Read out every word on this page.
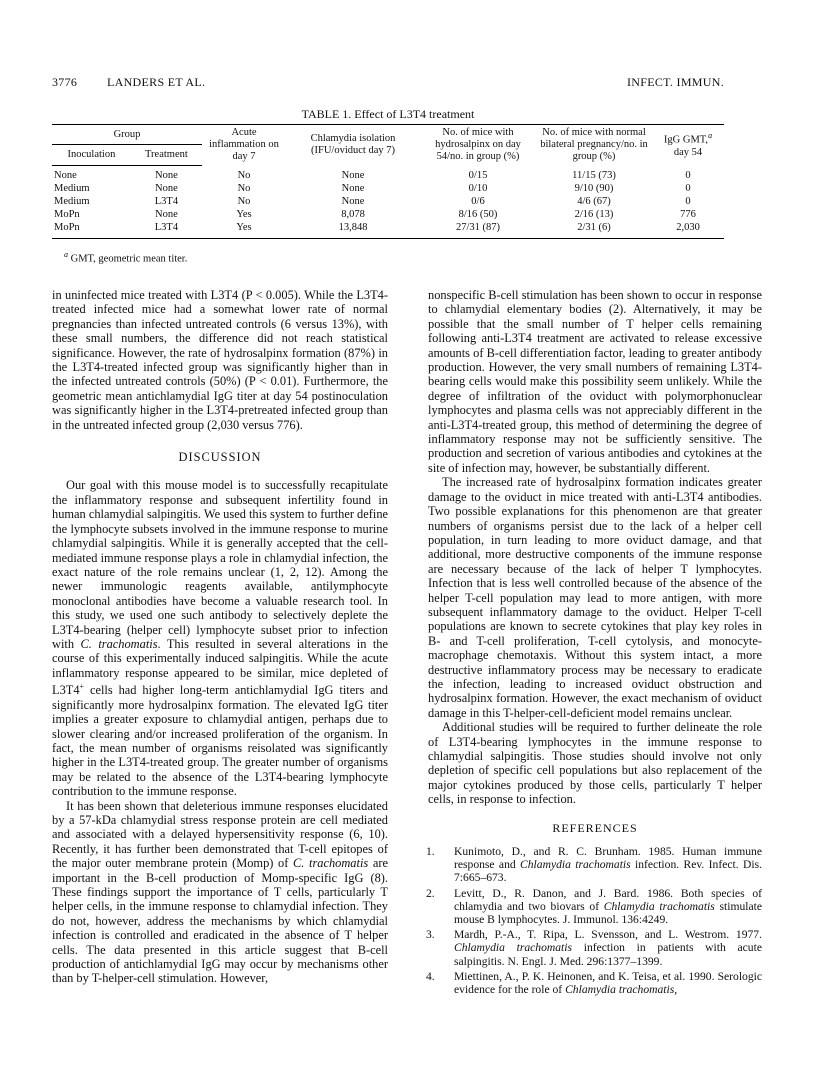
3776 LANDERS ET AL.	INFECT. IMMUN.
TABLE 1. Effect of L3T4 treatment
Group		Acute inflammation on day 7	Chlamydia isolation (IFU/oviduct day 7)	No. of mice with hydrosalpinx on day 54/no. in group (%)	No. of mice with normal bilateral pregnancy/no. in group (%)	IgG GMT,$^a$
day 54
Inoculation	Treatment					
None	None	No	None	0/15	11/15 (73)	0
Medium	None	No	None	0/10	9/10 (90)	0
Medium	L3T4	No	None	0/6	4/6 (67)	0
MoPn	None	Yes	8,078	8/16 (50)	2/16 (13)	776
MoPn	L3T4	Yes	13,848	27/31 (87)	2/31 (6)	2,030
$^a$ GMT, geometric mean titer.

in uninfected mice treated with L3T4 (P < 0.005). While the L3T4-treated infected mice had a somewhat lower rate of normal pregnancies than infected untreated controls (6 versus 13%), with these small numbers, the difference did not reach statistical significance. However, the rate of hydrosalpinx formation (87%) in the L3T4-treated infected group was significantly higher than in the infected untreated controls (50%) (P < 0.01). Furthermore, the geometric mean antichlamydial IgG titer at day 54 postinoculation was significantly higher in the L3T4-pretreated infected group than in the untreated infected group (2,030 versus 776).

DISCUSSION

Our goal with this mouse model is to successfully recapitulate the inflammatory response and subsequent infertility found in human chlamydial salpingitis. We used this system to further define the lymphocyte subsets involved in the immune response to murine chlamydial salpingitis. While it is generally accepted that the cell-mediated immune response plays a role in chlamydial infection, the exact nature of the role remains unclear (1, 2, 12). Among the newer immunologic reagents available, antilymphocyte monoclonal antibodies have become a valuable research tool. In this study, we used one such antibody to selectively deplete the L3T4-bearing (helper cell) lymphocyte subset prior to infection with C. trachomatis. This resulted in several alterations in the course of this experimentally induced salpingitis. While the acute inflammatory response appeared to be similar, mice depleted of L3T4+ cells had higher long-term antichlamydial IgG titers and significantly more hydrosalpinx formation. The elevated IgG titer implies a greater exposure to chlamydial antigen, perhaps due to slower clearing and/or increased proliferation of the organism. In fact, the mean number of organisms reisolated was significantly higher in the L3T4-treated group. The greater number of organisms may be related to the absence of the L3T4-bearing lymphocyte contribution to the immune response.

It has been shown that deleterious immune responses elucidated by a 57-kDa chlamydial stress response protein are cell mediated and associated with a delayed hypersensitivity response (6, 10). Recently, it has further been demonstrated that T-cell epitopes of the major outer membrane protein (Momp) of C. trachomatis are important in the B-cell production of Momp-specific IgG (8). These findings support the importance of T cells, particularly T helper cells, in the immune response to chlamydial infection. They do not, however, address the mechanisms by which chlamydial infection is controlled and eradicated in the absence of T helper cells. The data presented in this article suggest that B-cell production of antichlamydial IgG may occur by mechanisms other than by T-helper-cell stimulation. However,

nonspecific B-cell stimulation has been shown to occur in response to chlamydial elementary bodies (2). Alternatively, it may be possible that the small number of T helper cells remaining following anti-L3T4 treatment are activated to release excessive amounts of B-cell differentiation factor, leading to greater antibody production. However, the very small numbers of remaining L3T4-bearing cells would make this possibility seem unlikely. While the degree of infiltration of the oviduct with polymorphonuclear lymphocytes and plasma cells was not appreciably different in the anti-L3T4-treated group, this method of determining the degree of inflammatory response may not be sufficiently sensitive. The production and secretion of various antibodies and cytokines at the site of infection may, however, be substantially different.

The increased rate of hydrosalpinx formation indicates greater damage to the oviduct in mice treated with anti-L3T4 antibodies. Two possible explanations for this phenomenon are that greater numbers of organisms persist due to the lack of a helper cell population, in turn leading to more oviduct damage, and that additional, more destructive components of the immune response are necessary because of the lack of helper T lymphocytes. Infection that is less well controlled because of the absence of the helper T-cell population may lead to more antigen, with more subsequent inflammatory damage to the oviduct. Helper T-cell populations are known to secrete cytokines that play key roles in B- and T-cell proliferation, T-cell cytolysis, and monocyte-macrophage chemotaxis. Without this system intact, a more destructive inflammatory process may be necessary to eradicate the infection, leading to increased oviduct obstruction and hydrosalpinx formation. However, the exact mechanism of oviduct damage in this T-helper-cell-deficient model remains unclear.

Additional studies will be required to further delineate the role of L3T4-bearing lymphocytes in the immune response to chlamydial salpingitis. Those studies should involve not only depletion of specific cell populations but also replacement of the major cytokines produced by those cells, particularly T helper cells, in response to infection.

REFERENCES
1. Kunimoto, D., and R. C. Brunham. 1985. Human immune response and Chlamydia trachomatis infection. Rev. Infect. Dis. 7:665–673.
2. Levitt, D., R. Danon, and J. Bard. 1986. Both species of chlamydia and two biovars of Chlamydia trachomatis stimulate mouse B lymphocytes. J. Immunol. 136:4249.
3. Mardh, P.-A., T. Ripa, L. Svensson, and L. Westrom. 1977. Chlamydia trachomatis infection in patients with acute salpingitis. N. Engl. J. Med. 296:1377–1399.
4. Miettinen, A., P. K. Heinonen, and K. Teisa, et al. 1990. Serologic evidence for the role of Chlamydia trachomatis,
